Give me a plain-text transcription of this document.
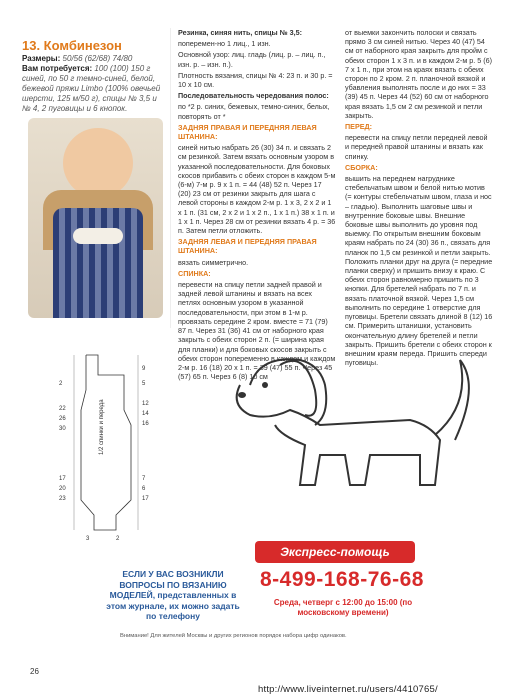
13. Комбинезон
Размеры: 50/56 (62/68) 74/80
Вам потребуется: 100 (100) 150 г синей, по 50 г темно-синей, белой, бежевой пряжи Limbo (100% овечьей шерсти, 125 м/50 г), спицы № 3,5 и № 4, 2 пуговицы и 6 кнопок.

Резинка, синяя нить, спицы № 3,5:

поперемен-но 1 лиц., 1 изн.

Основной узор: лиц. гладь (лиц. р. – лиц. п., изн. р. – изн. п.).

Плотность вязания, спицы № 4: 23 п. и 30 р. = 10 х 10 см.

Последовательность чередования полос:

по *2 р. синих, бежевых, темно-синих, белых, повторять от *

ЗАДНЯЯ ПРАВАЯ И ПЕРЕДНЯЯ ЛЕВАЯ ШТАНИНА:

синей нитью набрать 26 (30) 34 п. и связать 2 см резинкой. Затем вязать основным узором в указанной последовательности. Для боковых скосов прибавить с обеих сторон в каждом 5-м (6-м) 7-м р. 9 х 1 п. = 44 (48) 52 п. Через 17 (20) 23 см от резинки закрыть для шага с левой стороны в каждом 2-м р. 1 х 3, 2 х 2 и 1 х 1 п. (31 см, 2 х 2 и 1 х 2 п., 1 х 1 п.) 38 х 1 п. и 1 х 1 п. Через 28 см от резинки вязать 4 р. = 36 п. Затем петли отложить.

ЗАДНЯЯ ЛЕВАЯ И ПЕРЕДНЯЯ ПРАВАЯ ШТАНИНА:

вязать симметрично.

СПИНКА:

перевести на спицу петли задней правой и задней левой штанины и вязать на всех петлях основным узором в указанной последовательности, при этом в 1-м р. провязать середине 2 кром. вместе = 71 (79) 87 п. Через 31 (36) 41 см от наборного края закрыть с обеих сторон 2 п. (= ширина края для планки) и для боковых скосов закрыть с обеих сторон попеременно в каждом и каждом 2-м р. 16 (18) 20 х 1 п. = 39 (47) 55 п. Через 45 (57) 65 п. Через 6 (8) 10 см

от выемки закончить полоски и связать прямо 3 см синей нитью. Через 40 (47) 54 см от наборного края закрыть для пройм с обеих сторон 1 х 3 п. и в каждом 2-м р. 5 (6) 7 х 1 п., при этом на краях вязать с обеих сторон по 2 кром. 2 п. планочной вязкой и убавления выполнять после и до них = 33 (39) 45 п. Через 44 (52) 60 см от наборного края вязать 1,5 см 2 см резинкой и петли закрыть.

ПЕРЕД:

перевести на спицу петли передней левой и передней правой штанины и вязать как спинку.

СБОРКА:

вышить на переднем нагруднике стебельчатым швом и белой нитью мотив (= контуры стебельчатым швом, глаза и нос – гладью). Выполнить шаговые швы и внутренние боковые швы. Внешние боковые швы выполнить до уровня под выемку. По открытым внешним боковым краям набрать по 24 (30) 36 п., связать для планок по 1,5 см резинкой и петли закрыть. Положить планки друг на друга (= передние планки сверху) и пришить внизу к краю. С обеих сторон равномерно пришить по 3 кнопки. Для бретелей набрать по 7 п. и вязать платочной вязкой. Через 1,5 см выполнить по середине 1 отверстие для пуговицы. Бретели связать длиной 8 (12) 16 см. Примерить штанишки, установить окончательную длину бретелей и петли закрыть. Пришить бретели с обеих сторон к внешним краям переда. Пришить спереди пуговицы.

1/2 спинки и переда
2
22
26
30
17
20
23
9
5
12
14
16
7
6
17
3	2
Экспресс-помощь
ЕСЛИ У ВАС ВОЗНИКЛИ ВОПРОСЫ ПО ВЯЗАНИЮ МОДЕЛЕЙ, представленных в этом журнале, их можно задать по телефону
8-499-168-76-68
Среда, четверг с 12:00 до 15:00 (по московскому времени)
Внимание! Для жителей Москвы и других регионов порядок набора цифр одинаков.
26
http://www.liveinternet.ru/users/4410765/
